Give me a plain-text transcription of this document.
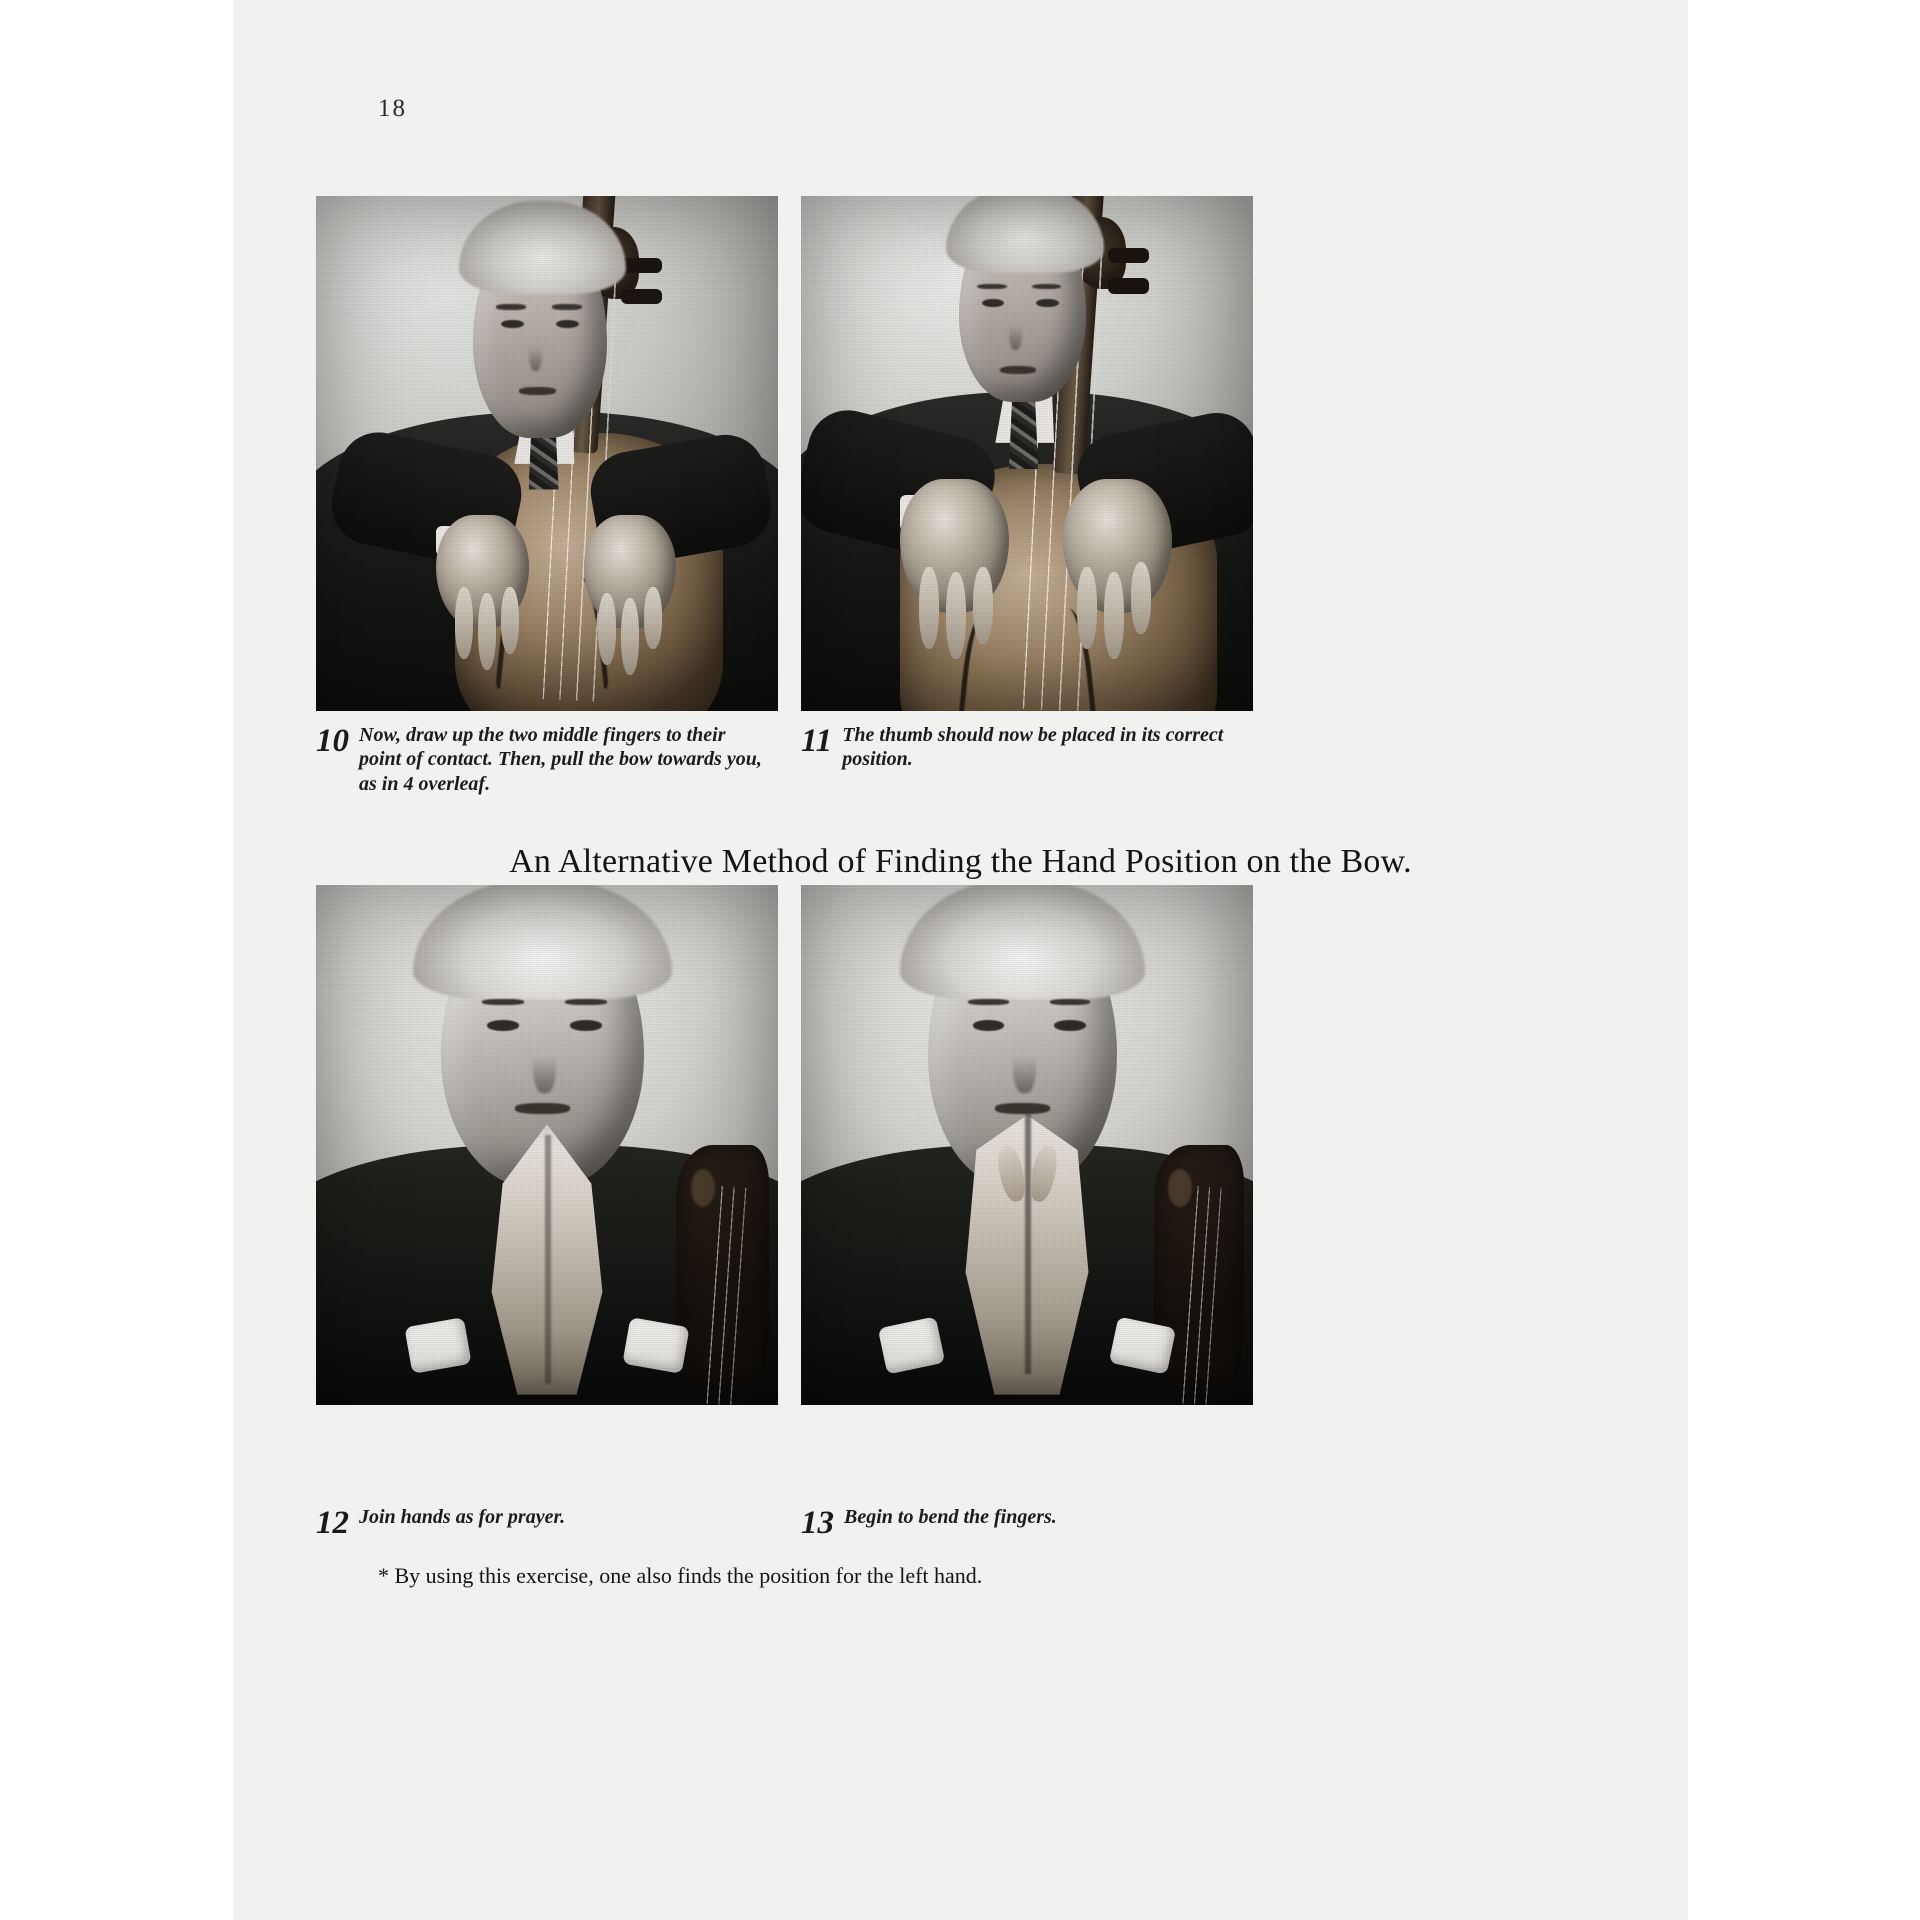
18
10 Now, draw up the two middle fingers to their point of contact. Then, pull the bow towards you, as in 4 overleaf.
11 The thumb should now be placed in its correct position.
An Alternative Method of Finding the Hand Position on the Bow.
12 Join hands as for prayer.	13 Begin to bend the fingers.
* By using this exercise, one also finds the position for the left hand.
